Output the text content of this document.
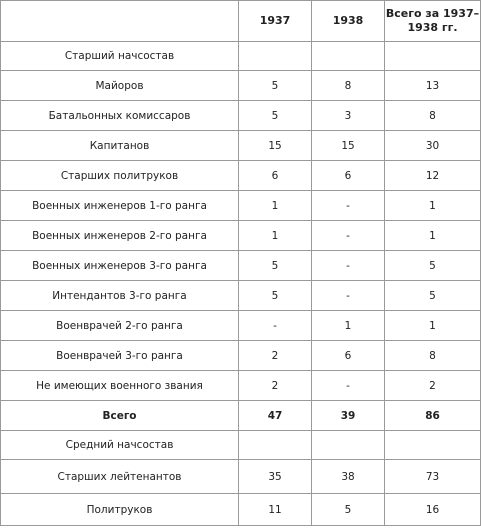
	1937	1938	Всего за 1937–1938 гг.
Старший начсостав			
Майоров	5	8	13
Батальонных комиссаров	5	3	8
Капитанов	15	15	30
Старших политруков	6	6	12
Военных инженеров 1-го ранга	1	-	1
Военных инженеров 2-го ранга	1	-	1
Военных инженеров 3-го ранга	5	-	5
Интендантов 3-го ранга	5	-	5
Военврачей 2-го ранга	-	1	1
Военврачей 3-го ранга	2	6	8
Не имеющих военного звания	2	-	2
Всего	47	39	86
Средний начсостав			
Старших лейтенантов	35	38	73
Политруков	11	5	16
